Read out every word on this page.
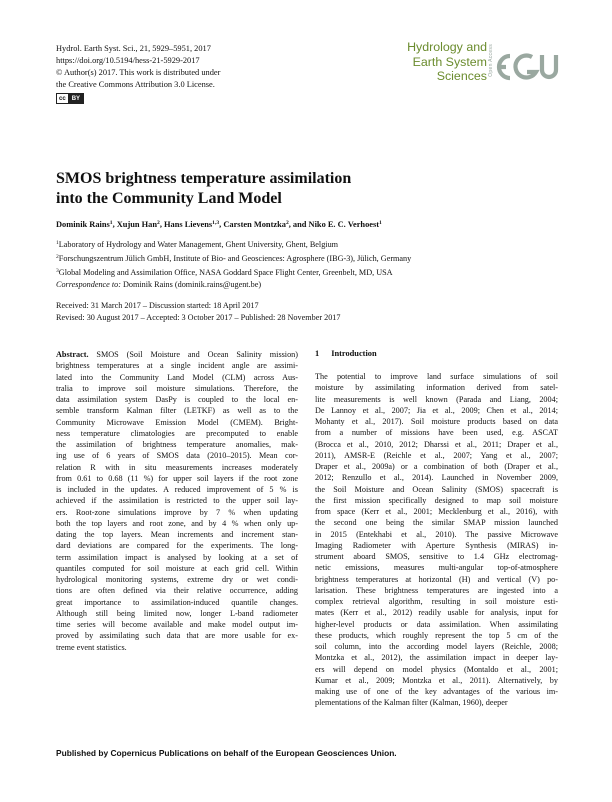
Hydrol. Earth Syst. Sci., 21, 5929–5951, 2017
https://doi.org/10.5194/hess-21-5929-2017
© Author(s) 2017. This work is distributed under
the Creative Commons Attribution 3.0 License.
cc	BY
Hydrology and
Earth System
Sciences Open Access
SMOS brightness temperature assimilation
into the Community Land Model
Dominik Rains$^1$, Xujun Han$^2$, Hans Lievens$^{1,3}$, Carsten Montzka$^2$, and Niko E. C. Verhoest$^1$
$^1$Laboratory of Hydrology and Water Management, Ghent University, Ghent, Belgium
$^2$Forschungszentrum Jülich GmbH, Institute of Bio- and Geosciences: Agrosphere (IBG-3), Jülich, Germany
$^3$Global Modeling and Assimilation Office, NASA Goddard Space Flight Center, Greenbelt, MD, USA
Correspondence to: Dominik Rains (dominik.rains@ugent.be)
Received: 31 March 2017 – Discussion started: 18 April 2017
Revised: 30 August 2017 – Accepted: 3 October 2017 – Published: 28 November 2017
Abstract. SMOS (Soil Moisture and Ocean Salinity mission)
brightness temperatures at a single incident angle are assimi-
lated into the Community Land Model (CLM) across Aus-
tralia to improve soil moisture simulations. Therefore, the
data assimilation system DasPy is coupled to the local en-
semble transform Kalman filter (LETKF) as well as to the
Community Microwave Emission Model (CMEM). Bright-
ness temperature climatologies are precomputed to enable
the assimilation of brightness temperature anomalies, mak-
ing use of 6 years of SMOS data (2010–2015). Mean cor-
relation R with in situ measurements increases moderately
from 0.61 to 0.68 (11 %) for upper soil layers if the root zone
is included in the updates. A reduced improvement of 5 % is
achieved if the assimilation is restricted to the upper soil lay-
ers. Root-zone simulations improve by 7 % when updating
both the top layers and root zone, and by 4 % when only up-
dating the top layers. Mean increments and increment stan-
dard deviations are compared for the experiments. The long-
term assimilation impact is analysed by looking at a set of
quantiles computed for soil moisture at each grid cell. Within
hydrological monitoring systems, extreme dry or wet condi-
tions are often defined via their relative occurrence, adding
great importance to assimilation-induced quantile changes.
Although still being limited now, longer L-band radiometer
time series will become available and make model output im-
proved by assimilating such data that are more usable for ex-
treme event statistics.
1 Introduction
The potential to improve land surface simulations of soil
moisture by assimilating information derived from satel-
lite measurements is well known (Parada and Liang, 2004;
De Lannoy et al., 2007; Jia et al., 2009; Chen et al., 2014;
Mohanty et al., 2017). Soil moisture products based on data
from a number of missions have been used, e.g. ASCAT
(Brocca et al., 2010, 2012; Dharssi et al., 2011; Draper et al.,
2011), AMSR-E (Reichle et al., 2007; Yang et al., 2007;
Draper et al., 2009a) or a combination of both (Draper et al.,
2012; Renzullo et al., 2014). Launched in November 2009,
the Soil Moisture and Ocean Salinity (SMOS) spacecraft is
the first mission specifically designed to map soil moisture
from space (Kerr et al., 2001; Mecklenburg et al., 2016), with
the second one being the similar SMAP mission launched
in 2015 (Entekhabi et al., 2010). The passive Microwave
Imaging Radiometer with Aperture Synthesis (MIRAS) in-
strument aboard SMOS, sensitive to 1.4 GHz electromag-
netic emissions, measures multi-angular top-of-atmosphere
brightness temperatures at horizontal (H) and vertical (V) po-
larisation. These brightness temperatures are ingested into a
complex retrieval algorithm, resulting in soil moisture esti-
mates (Kerr et al., 2012) readily usable for analysis, input for
higher-level products or data assimilation. When assimilating
these products, which roughly represent the top 5 cm of the
soil column, into the according model layers (Reichle, 2008;
Montzka et al., 2012), the assimilation impact in deeper lay-
ers will depend on model physics (Montaldo et al., 2001;
Kumar et al., 2009; Montzka et al., 2011). Alternatively, by
making use of one of the key advantages of the various im-
plementations of the Kalman filter (Kalman, 1960), deeper
Published by Copernicus Publications on behalf of the European Geosciences Union.
